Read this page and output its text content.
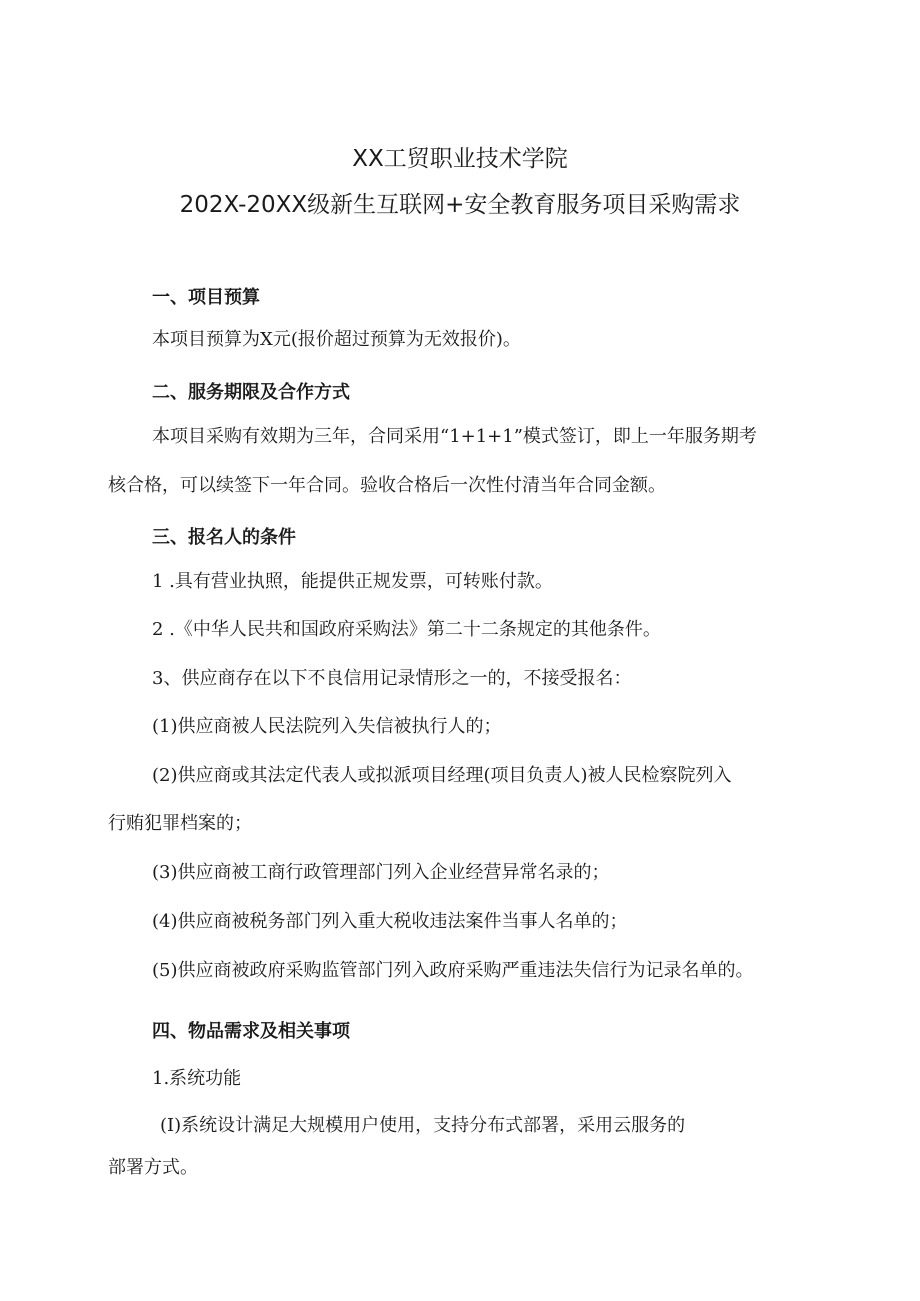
XX工贸职业技术学院
202X-20XX级新生互联网+安全教育服务项目采购需求
一、项目预算
本项目预算为X元(报价超过预算为无效报价)。
二、服务期限及合作方式
本项目采购有效期为三年，合同采用“1+1+1”模式签订，即上一年服务期考
核合格，可以续签下一年合同。验收合格后一次性付清当年合同金额。
三、报名人的条件
1 .具有营业执照，能提供正规发票，可转账付款。
2 .《中华人民共和国政府采购法》第二十二条规定的其他条件。
3、供应商存在以下不良信用记录情形之一的，不接受报名：
(1)供应商被人民法院列入失信被执行人的；
(2)供应商或其法定代表人或拟派项目经理(项目负责人)被人民检察院列入
行贿犯罪档案的；
(3)供应商被工商行政管理部门列入企业经营异常名录的；
(4)供应商被税务部门列入重大税收违法案件当事人名单的；
(5)供应商被政府采购监管部门列入政府采购严重违法失信行为记录名单的。
四、物品需求及相关事项
1.系统功能
(I)系统设计满足大规模用户使用，支持分布式部署，采用云服务的
部署方式。
